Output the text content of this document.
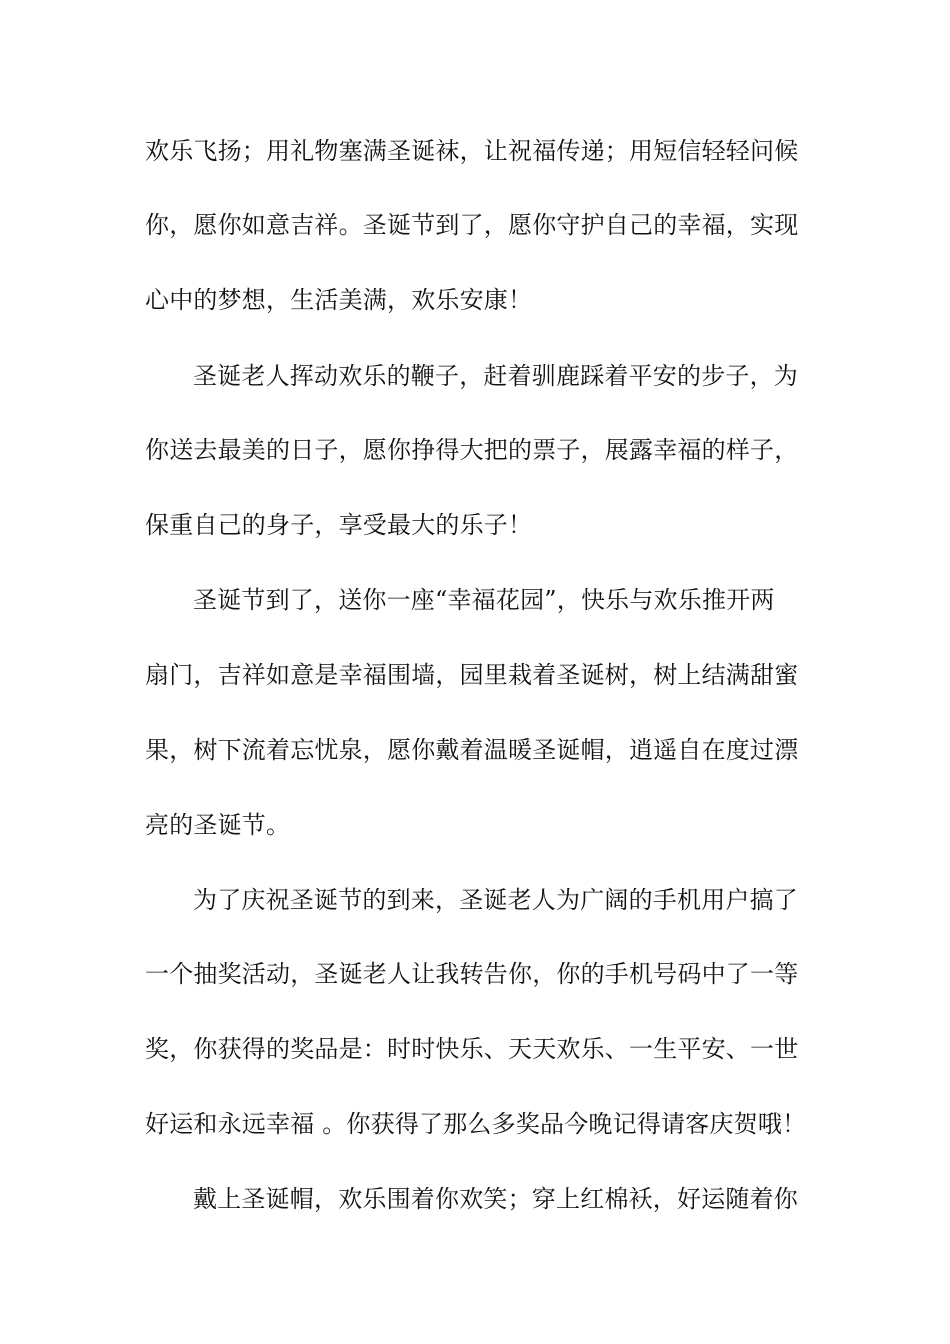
欢乐飞扬；用礼物塞满圣诞袜，让祝福传递；用短信轻轻问候
你，愿你如意吉祥。圣诞节到了，愿你守护自己的幸福，实现
心中的梦想，生活美满，欢乐安康！
圣诞老人挥动欢乐的鞭子，赶着驯鹿踩着平安的步子，为
你送去最美的日子，愿你挣得大把的票子，展露幸福的样子，
保重自己的身子，享受最大的乐子！
圣诞节到了，送你一座“幸福花园”，快乐与欢乐推开两
扇门，吉祥如意是幸福围墙，园里栽着圣诞树，树上结满甜蜜
果，树下流着忘忧泉，愿你戴着温暖圣诞帽，逍遥自在度过漂
亮的圣诞节。
为了庆祝圣诞节的到来，圣诞老人为广阔的手机用户搞了
一个抽奖活动，圣诞老人让我转告你，你的手机号码中了一等
奖，你获得的奖品是：时时快乐、天天欢乐、一生平安、一世
好运和永远幸福 。你获得了那么多奖品今晚记得请客庆贺哦！
戴上圣诞帽，欢乐围着你欢笑；穿上红棉袄，好运随着你
